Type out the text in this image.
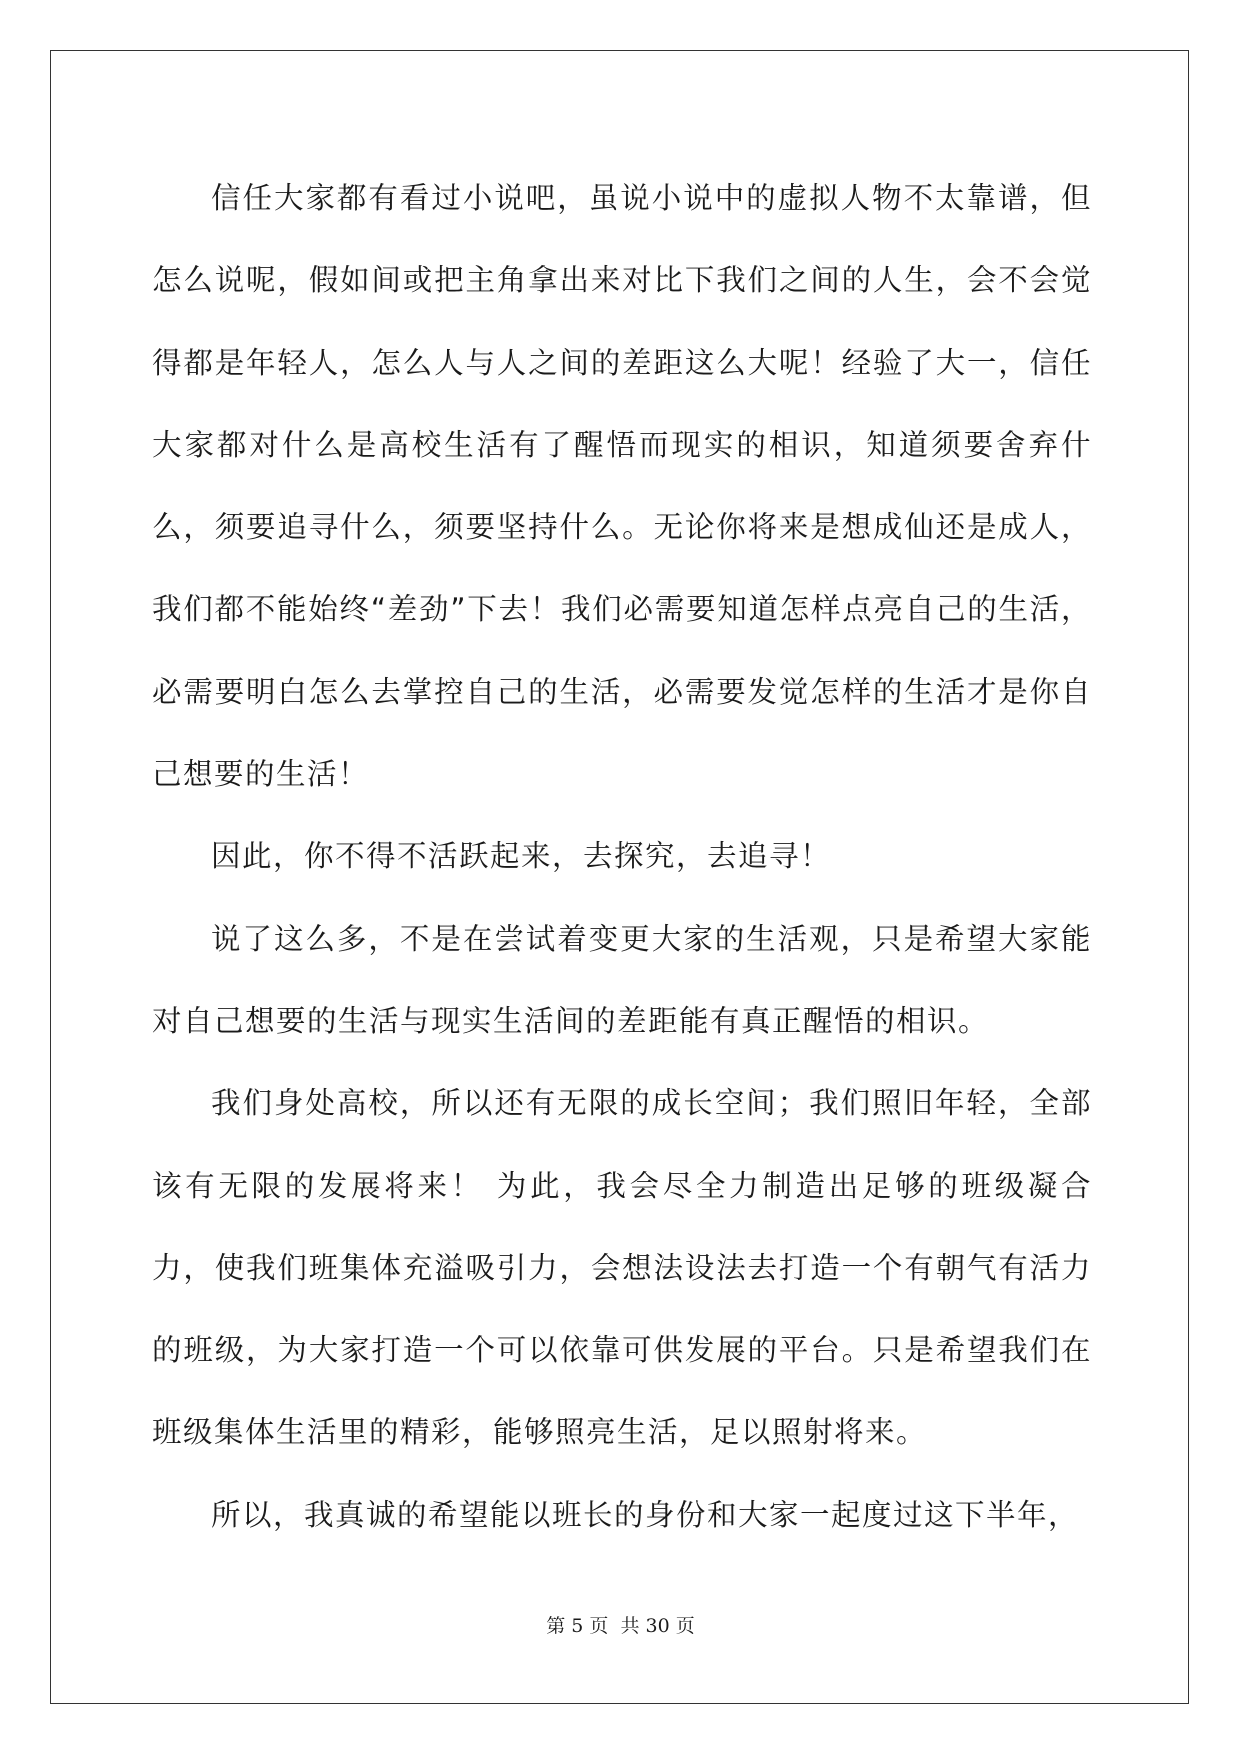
信任大家都有看过小说吧，虽说小说中的虚拟人物不太靠谱，但怎么说呢，假如间或把主角拿出来对比下我们之间的人生，会不会觉得都是年轻人，怎么人与人之间的差距这么大呢！经验了大一，信任大家都对什么是高校生活有了醒悟而现实的相识，知道须要舍弃什么，须要追寻什么，须要坚持什么。无论你将来是想成仙还是成人，我们都不能始终“差劲”下去！我们必需要知道怎样点亮自己的生活，必需要明白怎么去掌控自己的生活，必需要发觉怎样的生活才是你自己想要的生活！

因此，你不得不活跃起来，去探究，去追寻！

说了这么多，不是在尝试着变更大家的生活观，只是希望大家能对自己想要的生活与现实生活间的差距能有真正醒悟的相识。

我们身处高校，所以还有无限的成长空间；我们照旧年轻，全部该有无限的发展将来！ 为此，我会尽全力制造出足够的班级凝合力，使我们班集体充溢吸引力，会想法设法去打造一个有朝气有活力的班级，为大家打造一个可以依靠可供发展的平台。只是希望我们在班级集体生活里的精彩，能够照亮生活，足以照射将来。

所以，我真诚的希望能以班长的身份和大家一起度过这下半年，

第 5 页  共 30 页
